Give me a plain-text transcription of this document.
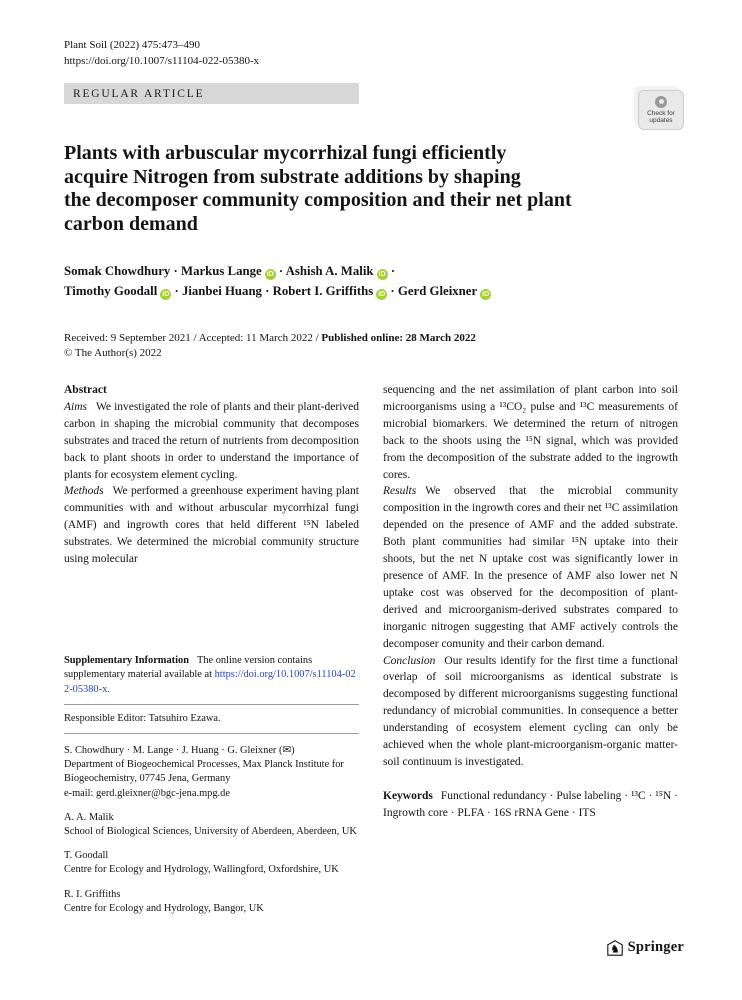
Plant Soil (2022) 475:473–490
https://doi.org/10.1007/s11104-022-05380-x
REGULAR ARTICLE
Check for
updates
Plants with arbuscular mycorrhizal fungi efficiently
acquire Nitrogen from substrate additions by shaping
the decomposer community composition and their net plant
carbon demand
Somak Chowdhury · Markus LangeiD · Ashish A. MalikiD ·
Timothy GoodalliD · Jianbei Huang · Robert I. GriffithsiD · Gerd GleixneriD
Received: 9 September 2021 / Accepted: 11 March 2022 / Published online: 28 March 2022
© The Author(s) 2022

Abstract

Aims We investigated the role of plants and their plant-derived carbon in shaping the microbial community that decomposes substrates and traced the return of nutrients from decomposition back to plant shoots in order to understand the importance of plants for ecosystem element cycling.

Methods We performed a greenhouse experiment having plant communities with and without arbuscular mycorrhizal fungi (AMF) and ingrowth cores that held different ¹⁵N labeled substrates. We determined the microbial community structure using molecular

Supplementary Information The online version contains supplementary material available at https://doi.org/10.1007/s11104-022-05380-x.

Responsible Editor: Tatsuhiro Ezawa.

S. Chowdhury · M. Lange · J. Huang · G. Gleixner (✉)
Department of Biogeochemical Processes, Max Planck Institute for Biogeochemistry, 07745 Jena, Germany
e-mail: gerd.gleixner@bgc-jena.mpg.de
A. A. Malik
School of Biological Sciences, University of Aberdeen, Aberdeen, UK
T. Goodall
Centre for Ecology and Hydrology, Wallingford, Oxfordshire, UK
R. I. Griffiths
Centre for Ecology and Hydrology, Bangor, UK

sequencing and the net assimilation of plant carbon into soil microorganisms using a ¹³CO₂ pulse and ¹³C measurements of microbial biomarkers. We determined the return of nitrogen back to the shoots using the ¹⁵N signal, which was provided from the decomposition of the substrate added to the ingrowth cores.

Results We observed that the microbial community composition in the ingrowth cores and their net ¹³C assimilation depended on the presence of AMF and the added substrate. Both plant communities had similar ¹⁵N uptake into their shoots, but the net N uptake cost was significantly lower in presence of AMF. In the presence of AMF also lower net N uptake cost was observed for the decomposition of plant-derived and microorganism-derived substrates compared to inorganic nitrogen suggesting that AMF actively controls the decomposer comunity and their carbon demand.

Conclusion Our results identify for the first time a functional overlap of soil microorganisms as identical substrate is decomposed by different microorganisms suggesting functional redundancy of microbial communities. In consequence a better understanding of ecosystem element cycling can only be achieved when the whole plant-microorganism-organic matter-soil continuum is investigated.

Keywords Functional redundancy · Pulse labeling · ¹³C · ¹⁵N · Ingrowth core · PLFA · 16S rRNA Gene · ITS

♞ Springer
